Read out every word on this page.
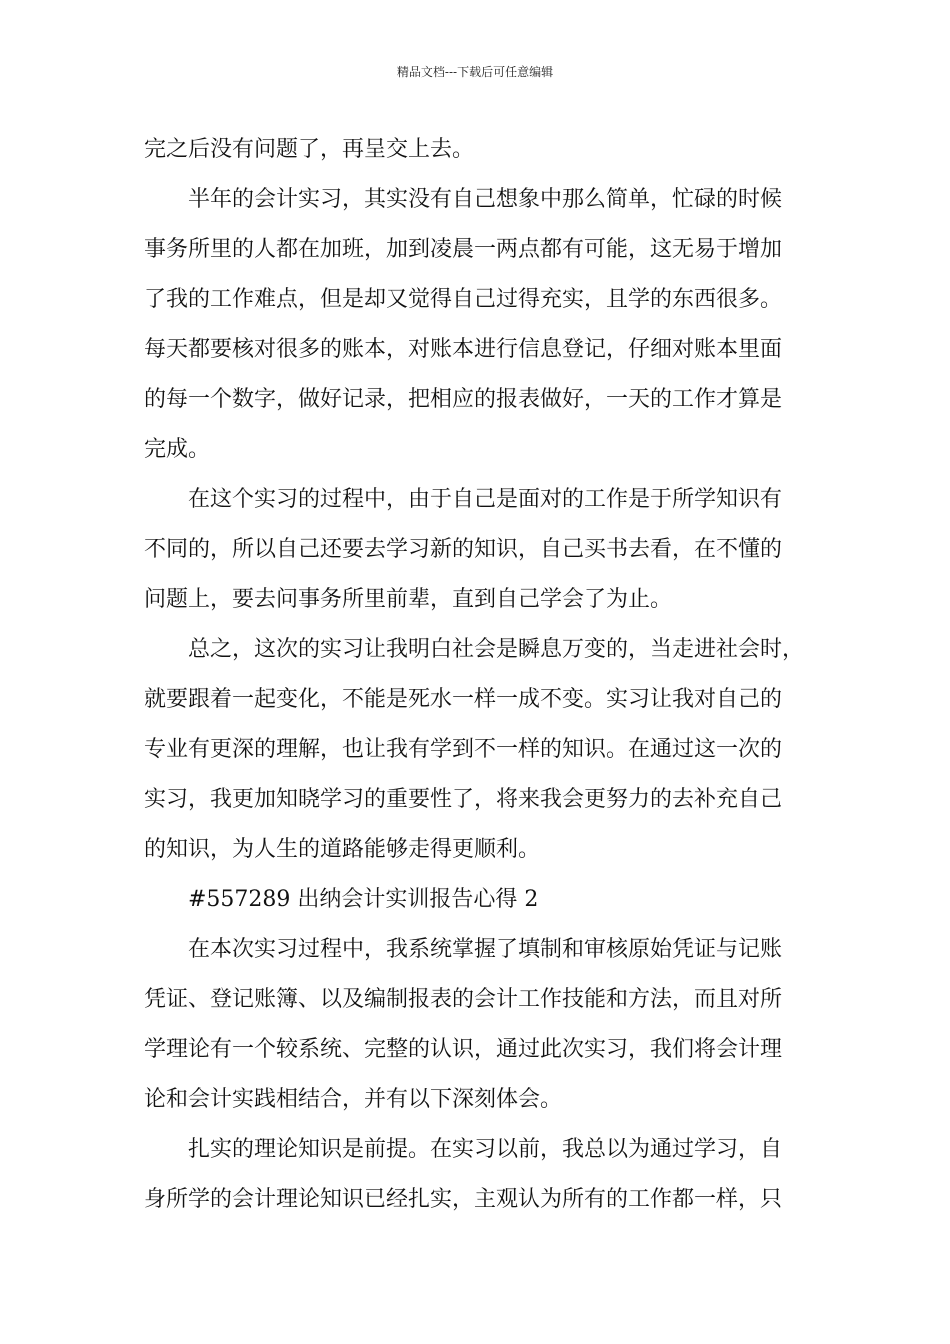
精品文档---下载后可任意编辑
完之后没有问题了，再呈交上去。
半年的会计实习，其实没有自己想象中那么简单，忙碌的时候
事务所里的人都在加班，加到凌晨一两点都有可能，这无易于增加
了我的工作难点，但是却又觉得自己过得充实，且学的东西很多。
每天都要核对很多的账本，对账本进行信息登记，仔细对账本里面
的每一个数字，做好记录，把相应的报表做好，一天的工作才算是
完成。
在这个实习的过程中，由于自己是面对的工作是于所学知识有
不同的，所以自己还要去学习新的知识，自己买书去看，在不懂的
问题上，要去问事务所里前辈，直到自己学会了为止。
总之，这次的实习让我明白社会是瞬息万变的，当走进社会时，
就要跟着一起变化，不能是死水一样一成不变。实习让我对自己的
专业有更深的理解，也让我有学到不一样的知识。在通过这一次的
实习，我更加知晓学习的重要性了，将来我会更努力的去补充自己
的知识，为人生的道路能够走得更顺利。
#557289 出纳会计实训报告心得 2
在本次实习过程中，我系统掌握了填制和审核原始凭证与记账
凭证、登记账簿、以及编制报表的会计工作技能和方法，而且对所
学理论有一个较系统、完整的认识，通过此次实习，我们将会计理
论和会计实践相结合，并有以下深刻体会。
扎实的理论知识是前提。在实习以前，我总以为通过学习，自
身所学的会计理论知识已经扎实，主观认为所有的工作都一样，只
